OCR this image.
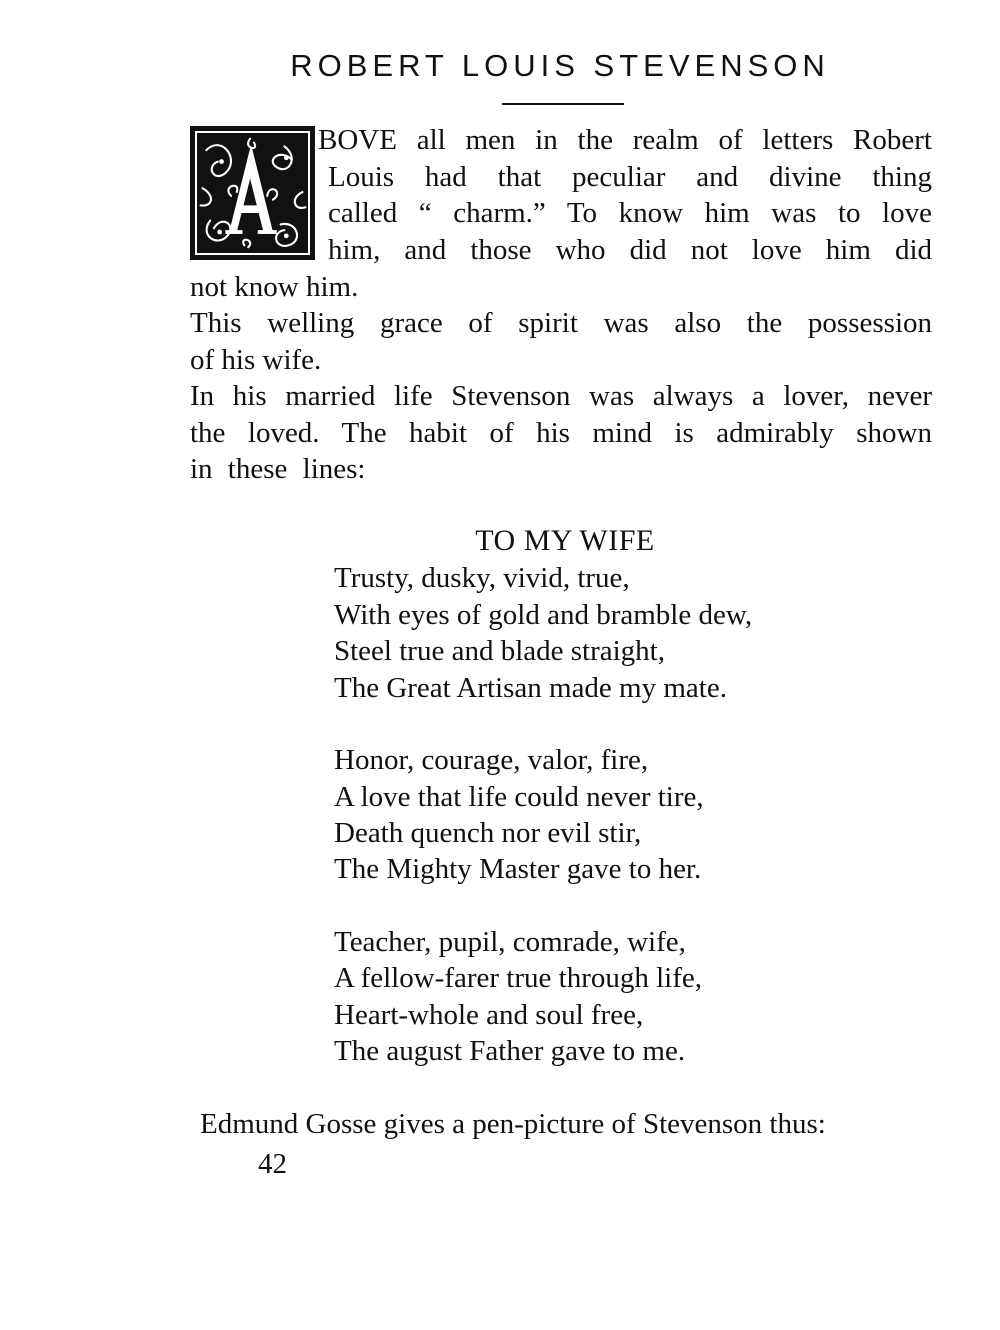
ROBERT LOUIS STEVENSON
BOVE all men in the realm of letters Robert
Louis had that peculiar and divine thing
called “ charm.” To know him was to love
him, and those who did not love him did
not know him.
This welling grace of spirit was also the possession
of his wife.
In his married life Stevenson was always a lover, never
the loved. The habit of his mind is admirably shown
in these lines:
TO MY WIFE
Trusty, dusky, vivid, true,
With eyes of gold and bramble dew,
Steel true and blade straight,
The Great Artisan made my mate.
Honor, courage, valor, fire,
A love that life could never tire,
Death quench nor evil stir,
The Mighty Master gave to her.
Teacher, pupil, comrade, wife,
A fellow-farer true through life,
Heart-whole and soul free,
The august Father gave to me.
Edmund Gosse gives a pen-picture of Stevenson thus:
42
